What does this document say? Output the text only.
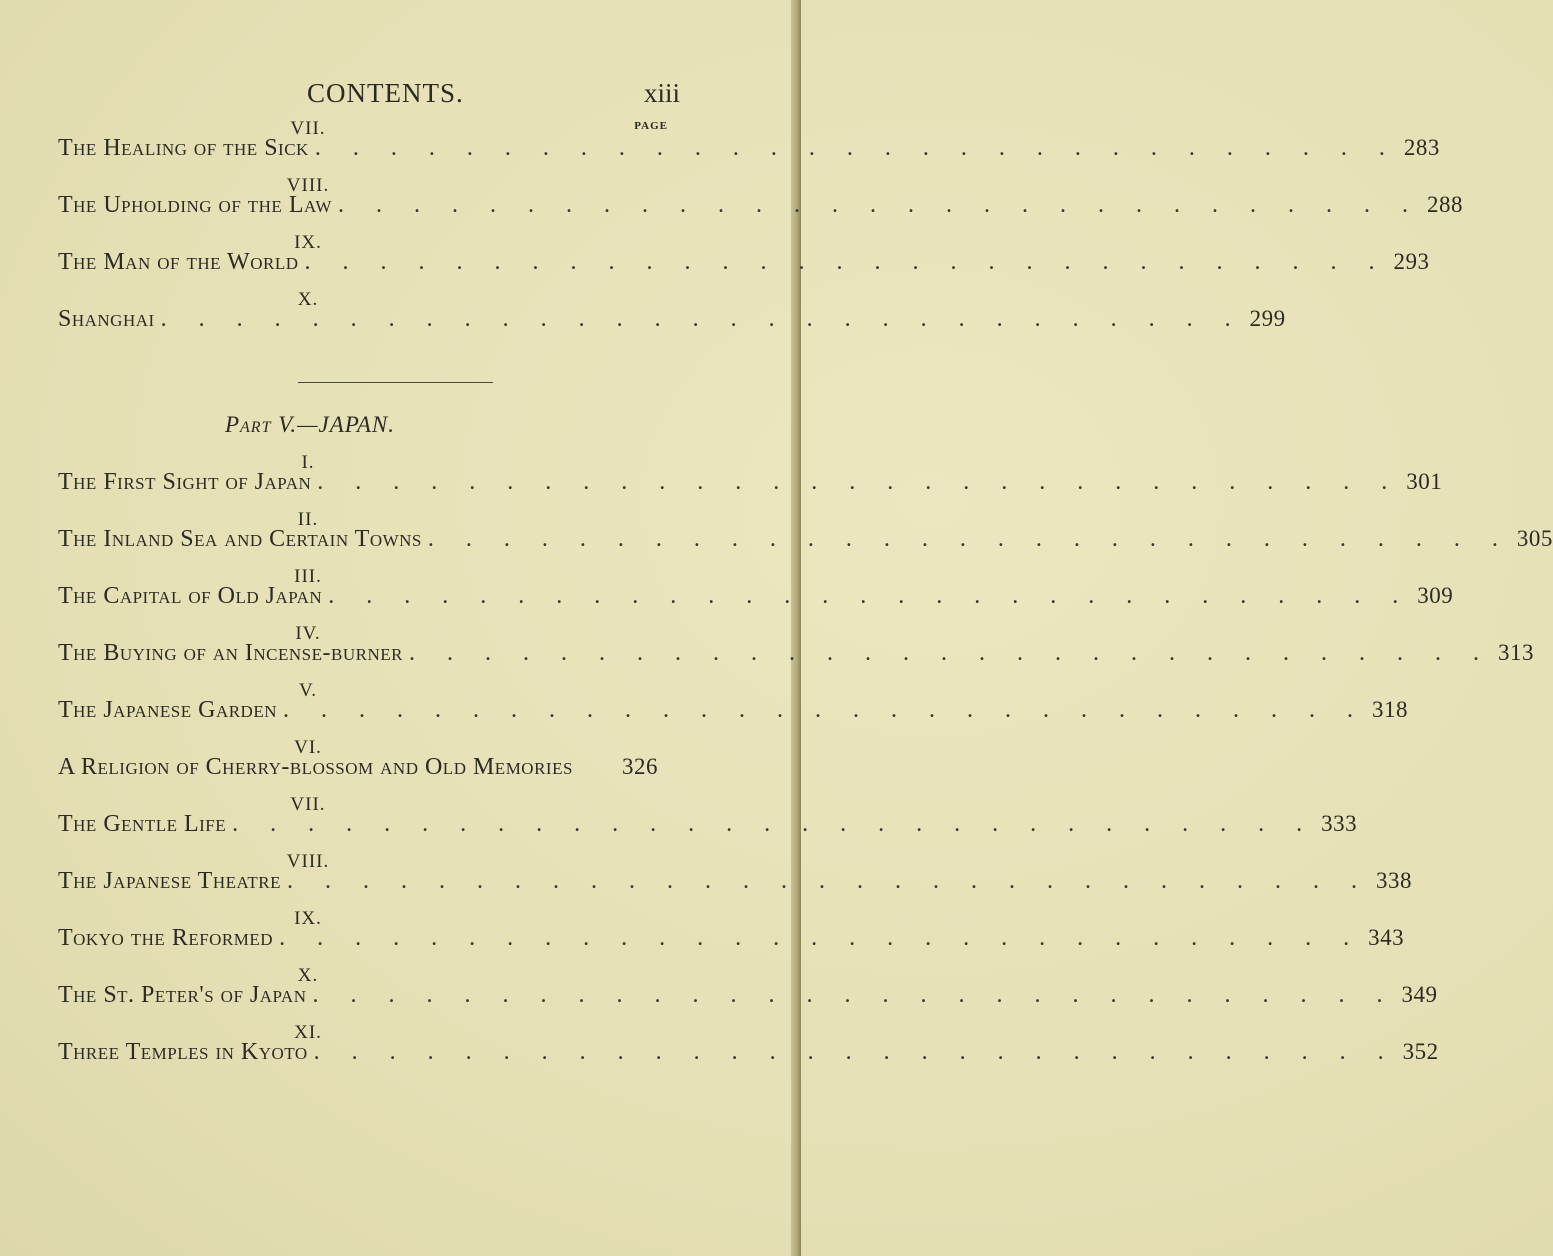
CONTENTS.	xiii
VII.	PAGE
The Healing of the Sick . . . . . . . . . . . . . . . . . . . . . . . . . . . . . 283
VIII.
The Upholding of the Law . . . . . . . . . . . . . . . . . . . . . . . . . . . . . 288
IX.
The Man of the World . . . . . . . . . . . . . . . . . . . . . . . . . . . . . 293
X.
Shanghai . . . . . . . . . . . . . . . . . . . . . . . . . . . . . 299
Part V.—JAPAN.
I.
The First Sight of Japan . . . . . . . . . . . . . . . . . . . . . . . . . . . . . 301
II.
The Inland Sea and Certain Towns . . . . . . . . . . . . . . . . . . . . . . . . . . . . . 305
III.
The Capital of Old Japan . . . . . . . . . . . . . . . . . . . . . . . . . . . . . 309
IV.
The Buying of an Incense-burner . . . . . . . . . . . . . . . . . . . . . . . . . . . . . 313
V.
The Japanese Garden . . . . . . . . . . . . . . . . . . . . . . . . . . . . . 318
VI.
A Religion of Cherry-blossom and Old Memories 326
VII.
The Gentle Life . . . . . . . . . . . . . . . . . . . . . . . . . . . . . 333
VIII.
The Japanese Theatre . . . . . . . . . . . . . . . . . . . . . . . . . . . . . 338
IX.
Tokyo the Reformed . . . . . . . . . . . . . . . . . . . . . . . . . . . . . 343
X.
The St. Peter's of Japan . . . . . . . . . . . . . . . . . . . . . . . . . . . . . 349
XI.
Three Temples in Kyoto . . . . . . . . . . . . . . . . . . . . . . . . . . . . . 352
